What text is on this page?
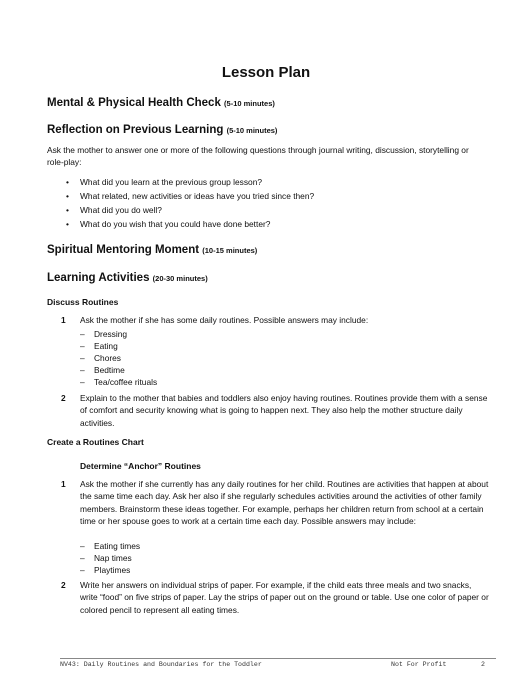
Lesson Plan
Mental & Physical Health Check (5-10 minutes)
Reflection on Previous Learning (5-10 minutes)
Ask the mother to answer one or more of the following questions through journal writing, discussion, storytelling or role-play:
• What did you learn at the previous group lesson?
• What related, new activities or ideas have you tried since then?
• What did you do well?
• What do you wish that you could have done better?
Spiritual Mentoring Moment (10-15 minutes)
Learning Activities (20-30 minutes)
Discuss Routines
1 Ask the mother if she has some daily routines. Possible answers may include:
– Dressing
– Eating
– Chores
– Bedtime
– Tea/coffee rituals
2 Explain to the mother that babies and toddlers also enjoy having routines. Routines provide them with a sense of comfort and security knowing what is going to happen next. They also help the mother structure daily activities.
Create a Routines Chart
Determine “Anchor” Routines
1 Ask the mother if she currently has any daily routines for her child. Routines are activities that happen at about the same time each day. Ask her also if she regularly schedules activities around the activities of other family members. Brainstorm these ideas together. For example, perhaps her children return from school at a certain time or her spouse goes to work at a certain time each day. Possible answers may include:
– Eating times
– Nap times
– Playtimes
2 Write her answers on individual strips of paper. For example, if the child eats three meals and two snacks, write “food” on five strips of paper. Lay the strips of paper out on the ground or table. Use one color of paper or colored pencil to represent all eating times.
NV43: Daily Routines and Boundaries for the Toddler	Not For Profit	2
